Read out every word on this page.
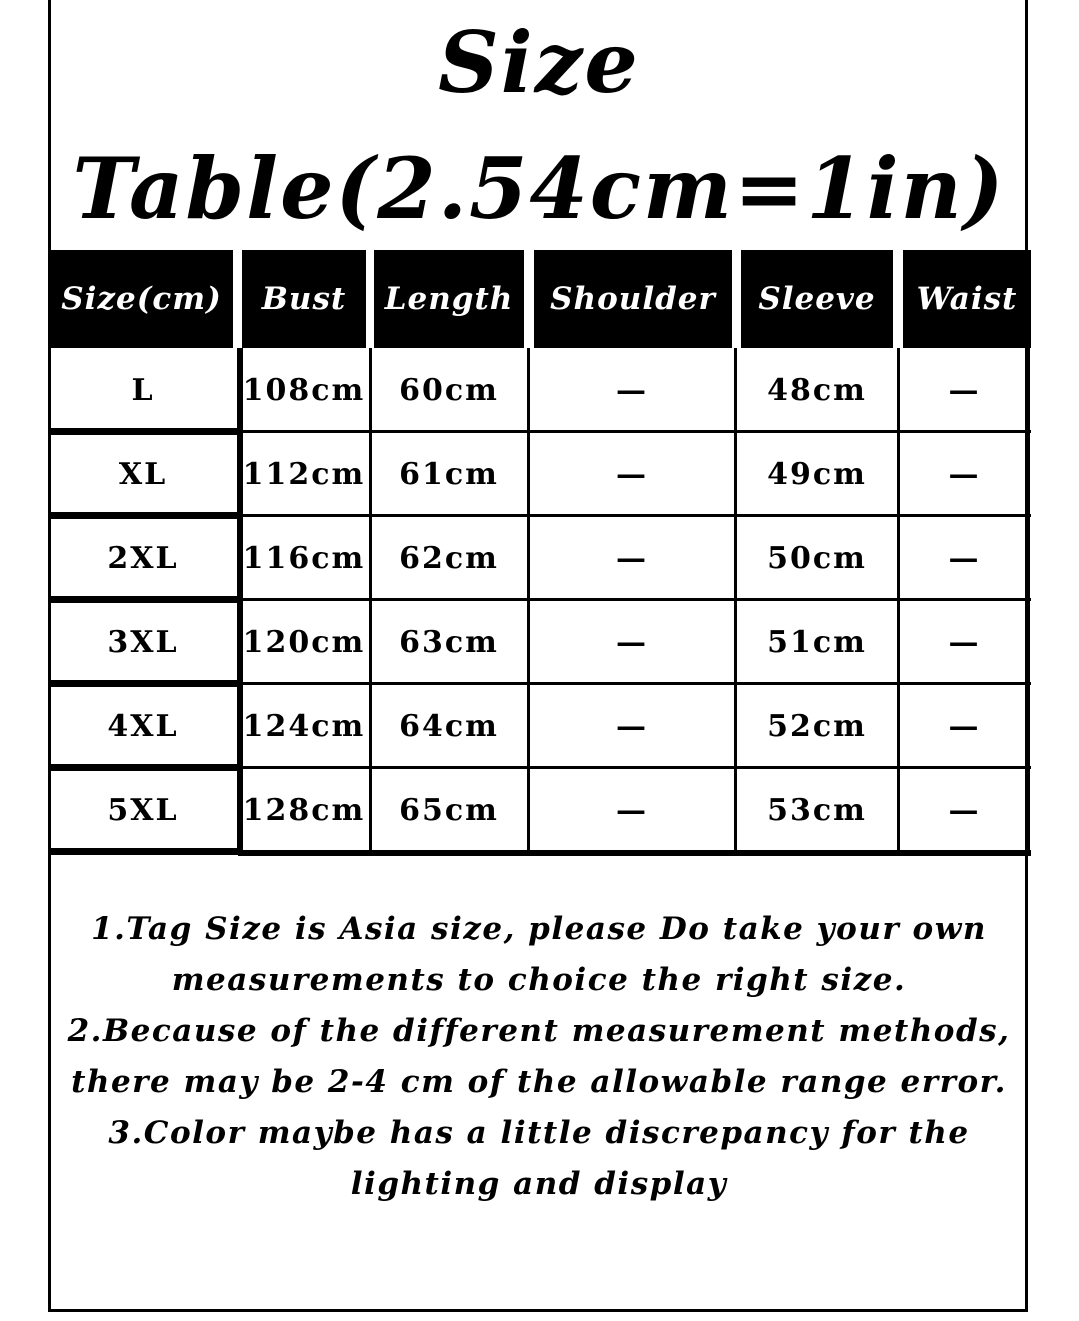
Size
Table(2.54cm=1in)
Size(cm)	Bust	Length	Shoulder	Sleeve	Waist
L	108cm	60cm	—	48cm	—
XL	112cm	61cm	—	49cm	—
2XL	116cm	62cm	—	50cm	—
3XL	120cm	63cm	—	51cm	—
4XL	124cm	64cm	—	52cm	—
5XL	128cm	65cm	—	53cm	—

1.Tag Size is Asia size, please Do take your own measurements to choice the right size.

2.Because of the different measurement methods, there may be 2-4 cm of the allowable range error.

3.Color maybe has a little discrepancy for the lighting and display
